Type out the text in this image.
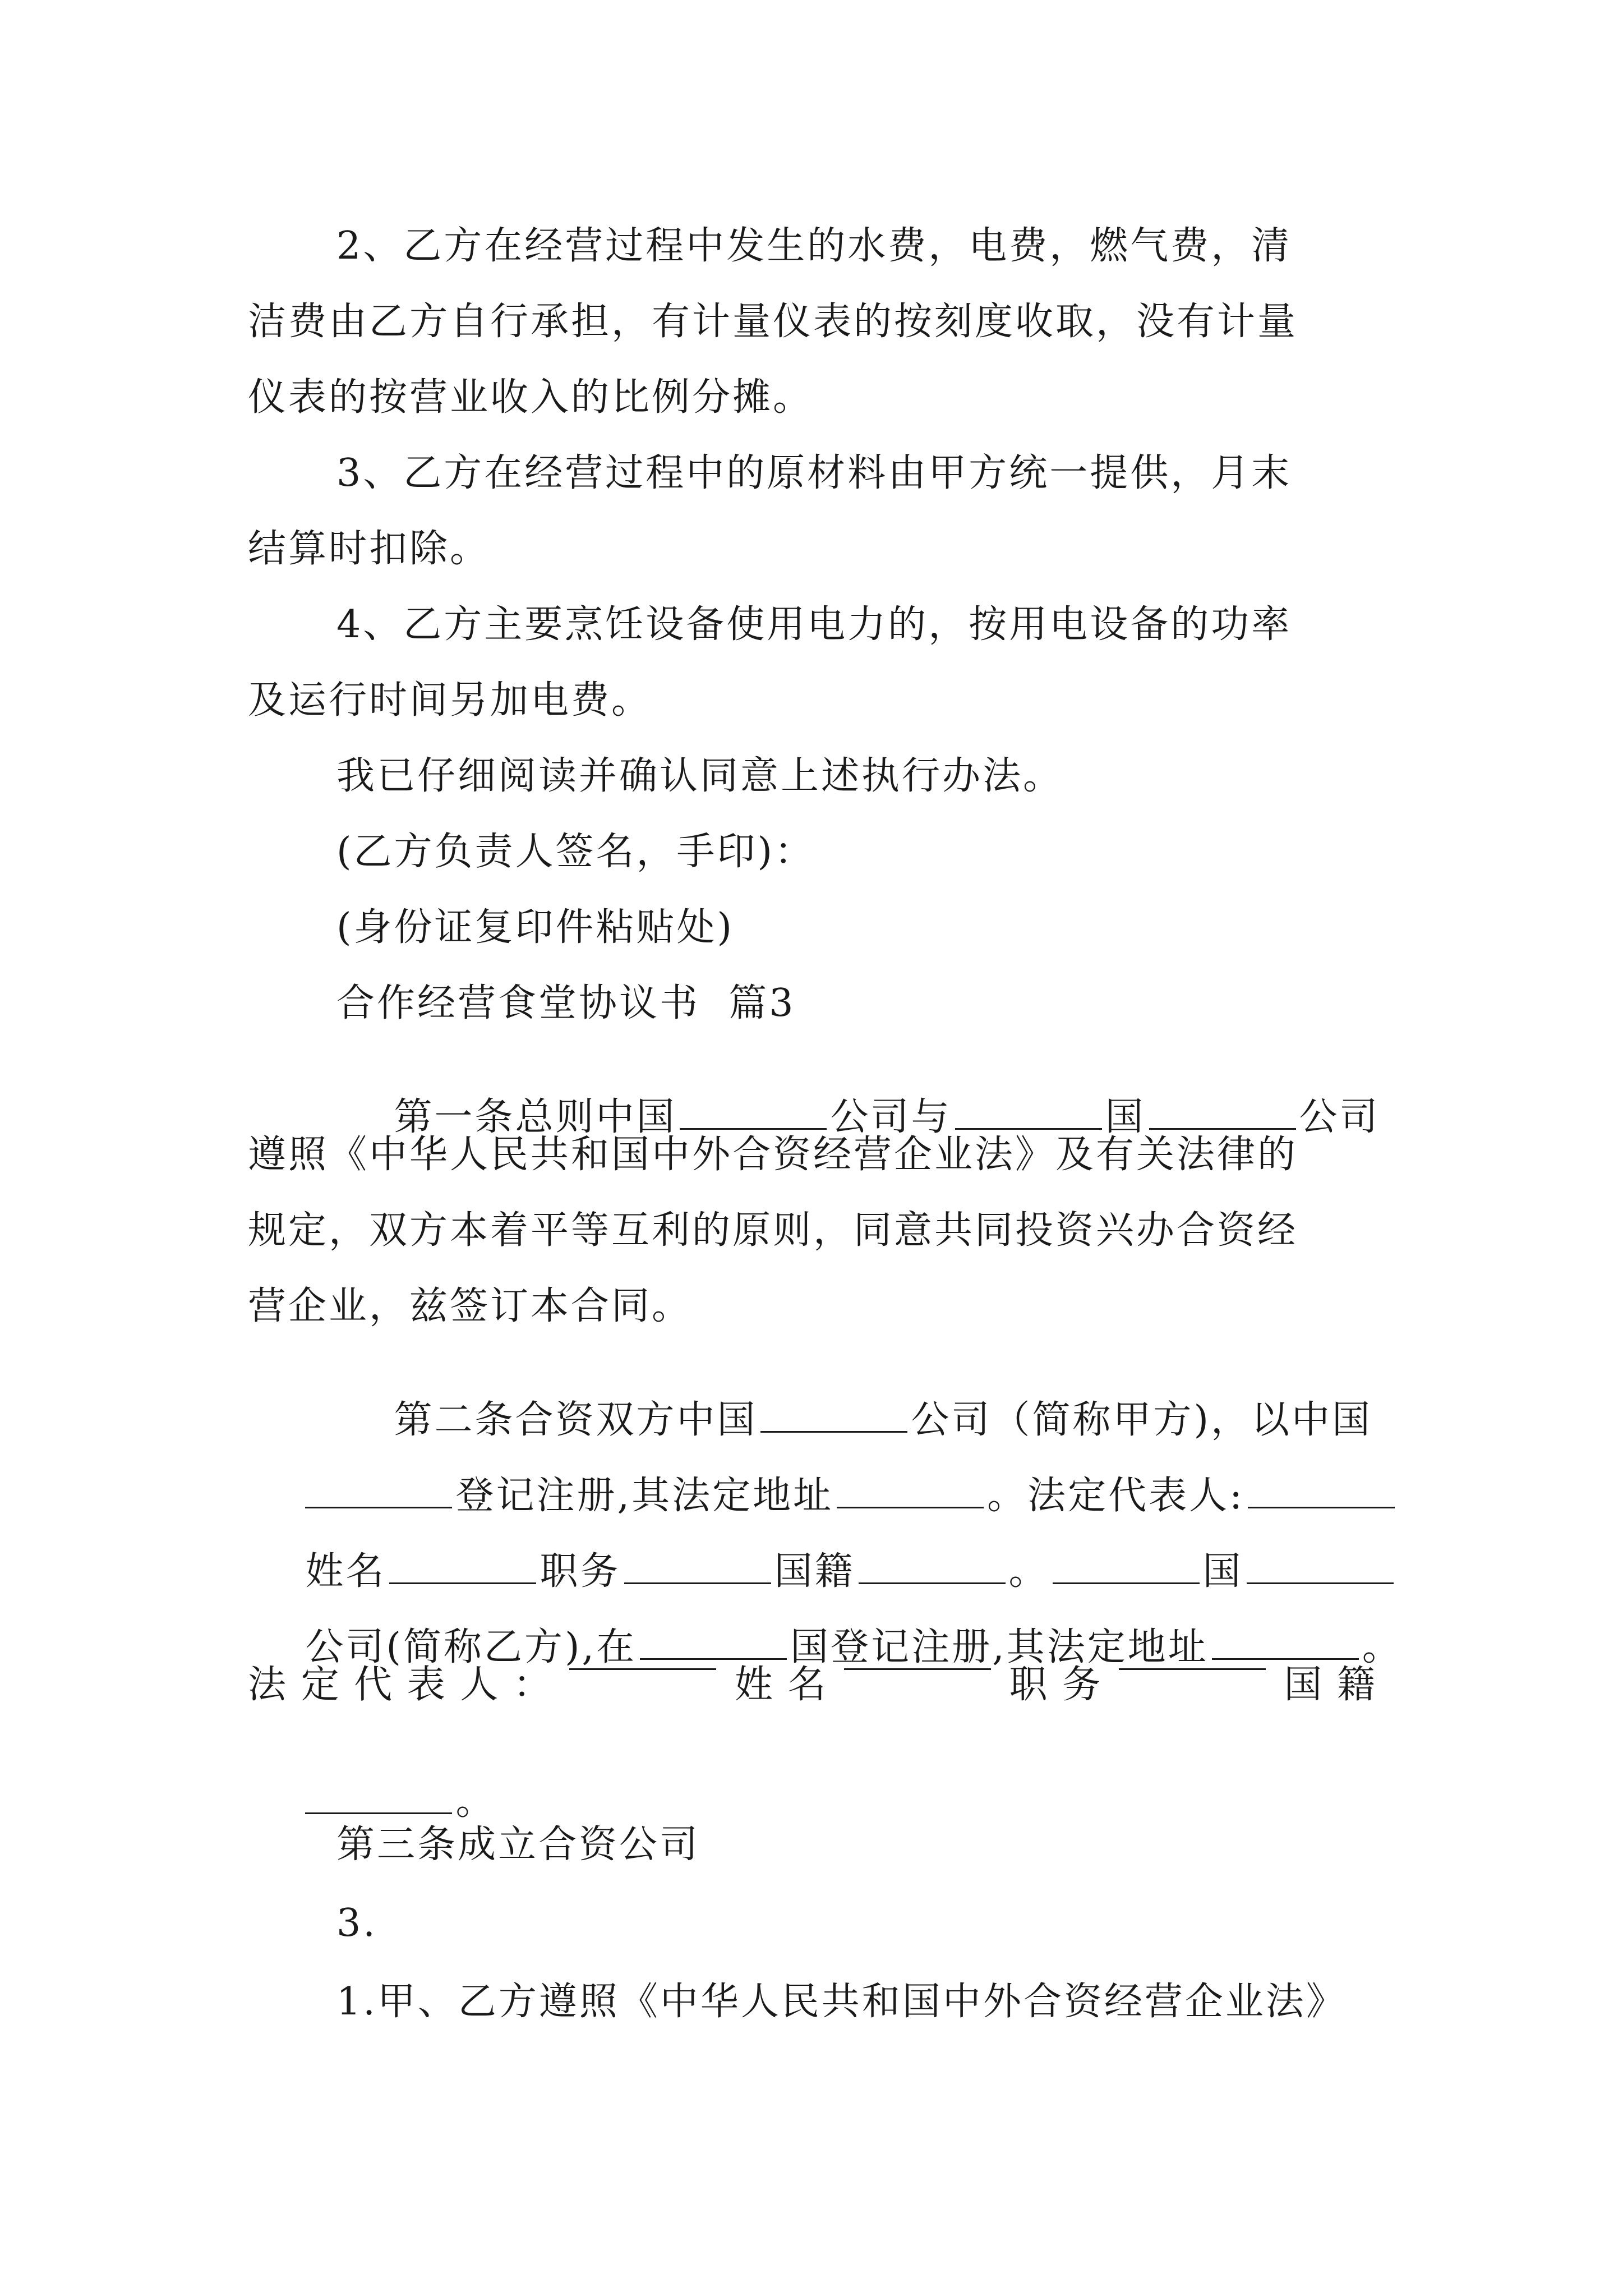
2、乙方在经营过程中发生的水费，电费，燃气费，清
洁费由乙方自行承担，有计量仪表的按刻度收取，没有计量
仪表的按营业收入的比例分摊。
3、乙方在经营过程中的原材料由甲方统一提供，月末
结算时扣除。
4、乙方主要烹饪设备使用电力的，按用电设备的功率
及运行时间另加电费。
我已仔细阅读并确认同意上述执行办法。
(乙方负责人签名，手印)：
(身份证复印件粘贴处)
合作经营食堂协议书  篇3

第一条总则中国	公司与	国	公司

遵照《中华人民共和国中外合资经营企业法》及有关法律的
规定，双方本着平等互利的原则，同意共同投资兴办合资经
营企业，兹签订本合同。

第二条合资双方中国	公司（简称甲方)，以中国

登记注册,其法定地址	。法定代表人:

姓名	职务	国籍	。	国

公司(简称乙方),在	国登记注册,其法定地址	。

法 定 代 表 人 ：	姓 名	职 务	国 籍

。

第三条成立合资公司
3.
1.甲、乙方遵照《中华人民共和国中外合资经营企业法》
